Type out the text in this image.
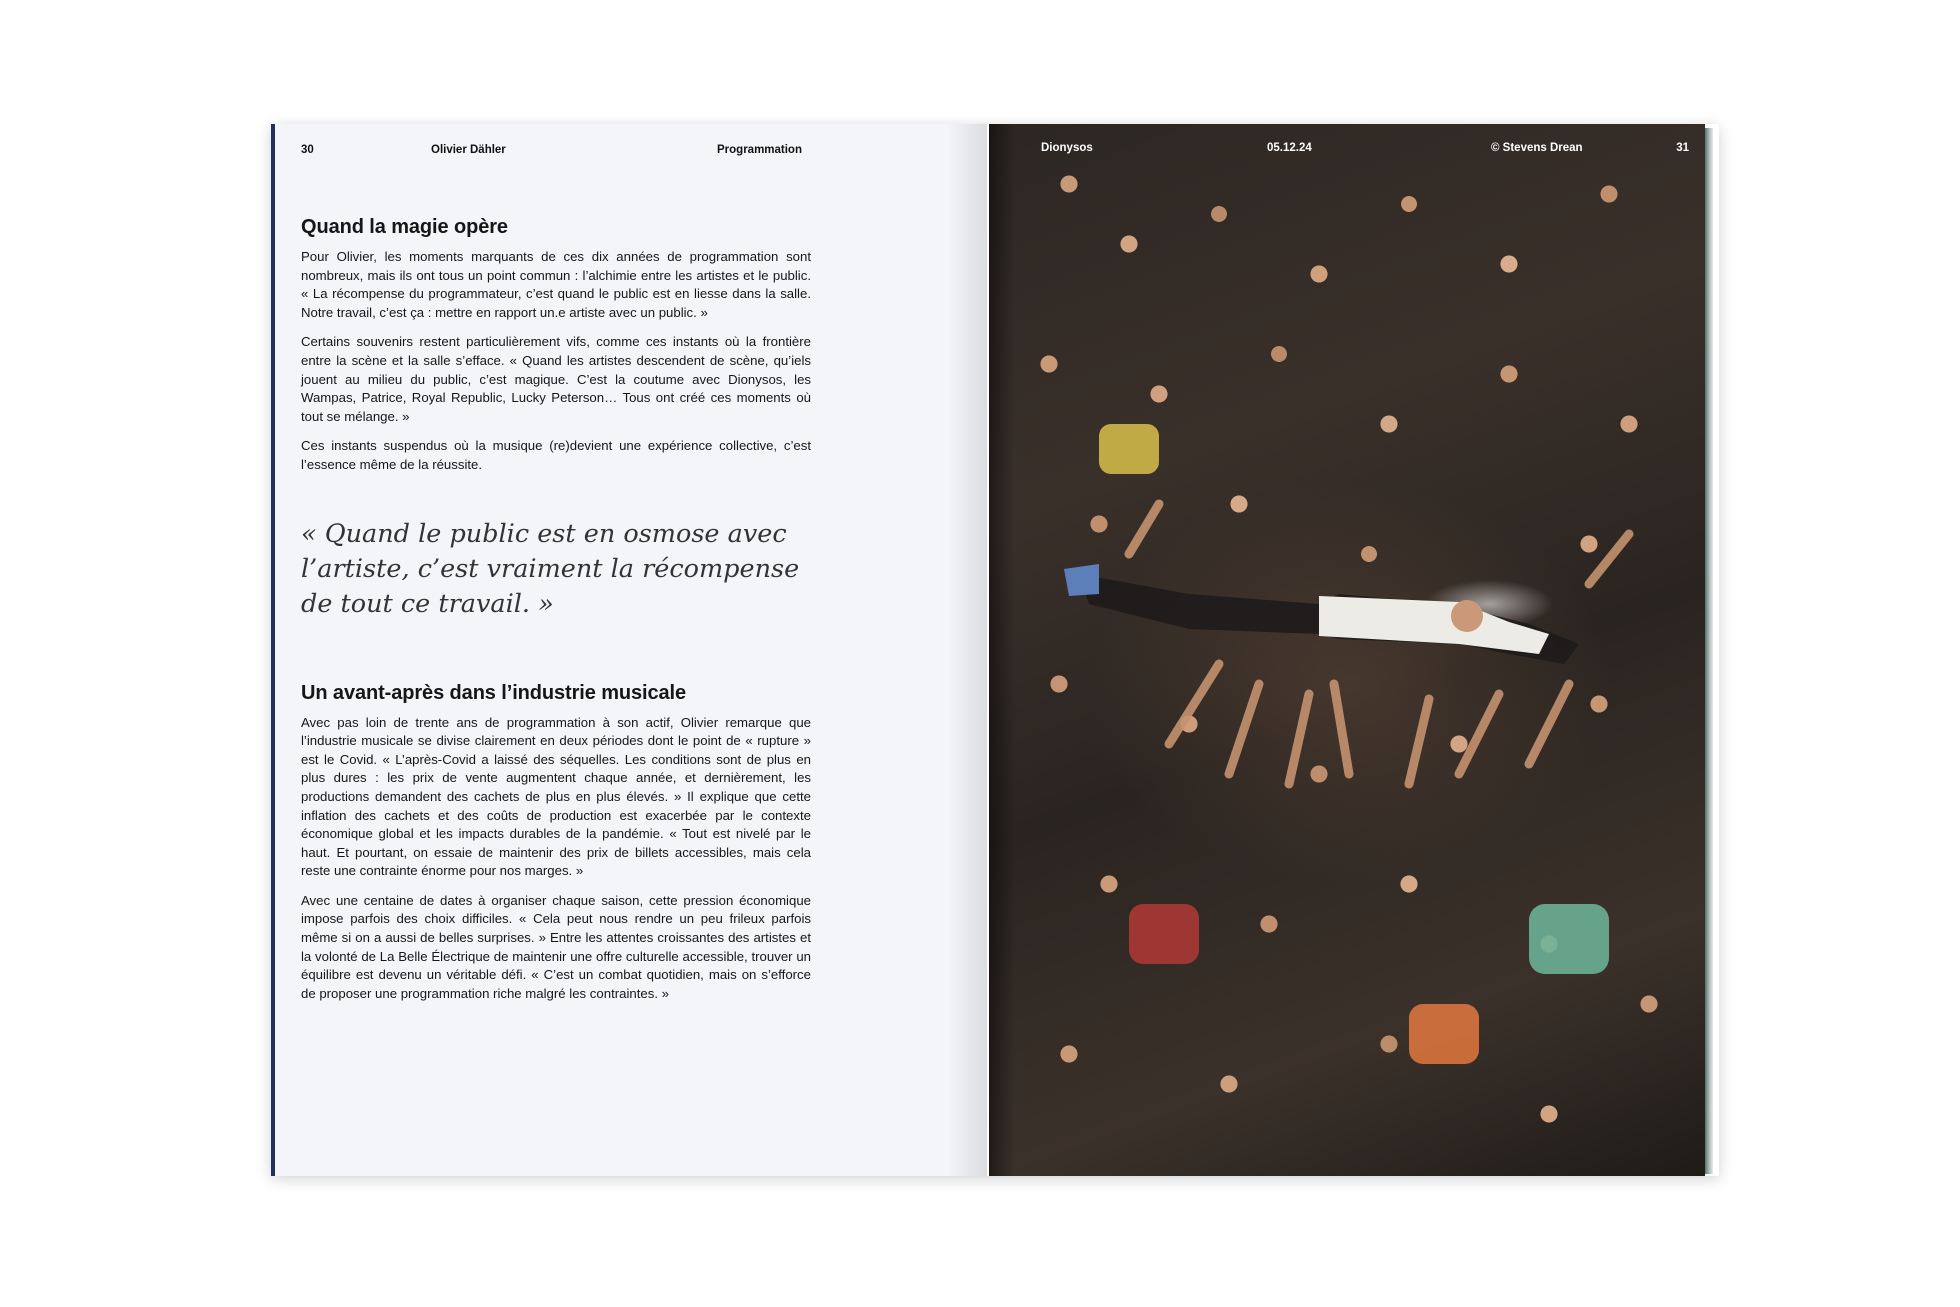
30	Olivier Dähler	Programmation
Quand la magie opère

Pour Olivier, les moments marquants de ces dix années de programmation sont nombreux, mais ils ont tous un point commun : l’alchimie entre les artistes et le public. « La récompense du programmateur, c’est quand le public est en liesse dans la salle. Notre travail, c’est ça : mettre en rapport un.e artiste avec un public. »

Certains souvenirs restent particulièrement vifs, comme ces instants où la frontière entre la scène et la salle s’efface. « Quand les artistes descendent de scène, qu’iels jouent au milieu du public, c’est magique. C’est la coutume avec Dionysos, les Wampas, Patrice, Royal Republic, Lucky Peterson… Tous ont créé ces moments où tout se mélange. »

Ces instants suspendus où la musique (re)devient une expérience collective, c’est l’essence même de la réussite.

« Quand le public est en osmose avec l’artiste, c’est vraiment la récompense de tout ce travail. »
Un avant-après dans l’industrie musicale

Avec pas loin de trente ans de programmation à son actif, Olivier remarque que l’industrie musicale se divise clairement en deux périodes dont le point de « rupture » est le Covid. « L’après-Covid a laissé des séquelles. Les conditions sont de plus en plus dures : les prix de vente augmentent chaque année, et dernièrement, les productions demandent des cachets de plus en plus élevés. » Il explique que cette inflation des cachets et des coûts de production est exacerbée par le contexte économique global et les impacts durables de la pandémie. « Tout est nivelé par le haut. Et pourtant, on essaie de maintenir des prix de billets accessibles, mais cela reste une contrainte énorme pour nos marges. »

Avec une centaine de dates à organiser chaque saison, cette pression économique impose parfois des choix difficiles. « Cela peut nous rendre un peu frileux parfois même si on a aussi de belles surprises. » Entre les attentes croissantes des artistes et la volonté de La Belle Électrique de maintenir une offre culturelle accessible, trouver un équilibre est devenu un véritable défi. « C’est un combat quotidien, mais on s’efforce de proposer une programmation riche malgré les contraintes. »

Dionysos	05.12.24	© Stevens Drean	31
